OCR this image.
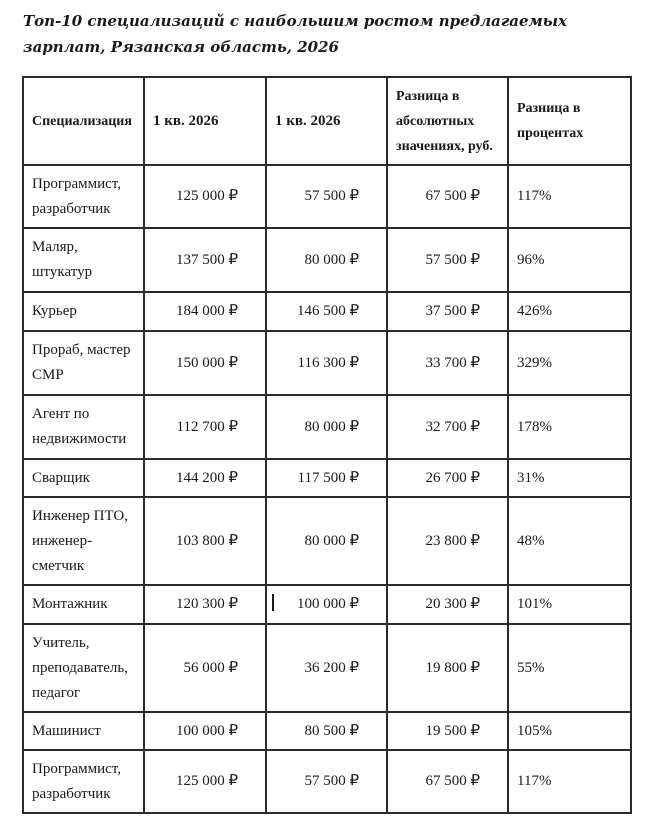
Топ-10 специализаций с наибольшим ростом предлагаемых зарплат, Рязанская область, 2026

Специализация	1 кв. 2026	1 кв. 2026	Разница в абсолютных значениях, руб.	Разница в процентах
Программист, разработчик	125 000 ₽	57 500 ₽	67 500 ₽	117%
Маляр, штукатур	137 500 ₽	80 000 ₽	57 500 ₽	96%
Курьер	184 000 ₽	146 500 ₽	37 500 ₽	426%
Прораб, мастер СМР	150 000 ₽	116 300 ₽	33 700 ₽	329%
Агент по недвижимости	112 700 ₽	80 000 ₽	32 700 ₽	178%
Сварщик	144 200 ₽	117 500 ₽	26 700 ₽	31%
Инженер ПТО, инженер-сметчик	103 800 ₽	80 000 ₽	23 800 ₽	48%
Монтажник	120 300 ₽	100 000 ₽	20 300 ₽	101%
Учитель, преподаватель, педагог	56 000 ₽	36 200 ₽	19 800 ₽	55%
Машинист	100 000 ₽	80 500 ₽	19 500 ₽	105%
Программист, разработчик	125 000 ₽	57 500 ₽	67 500 ₽	117%
